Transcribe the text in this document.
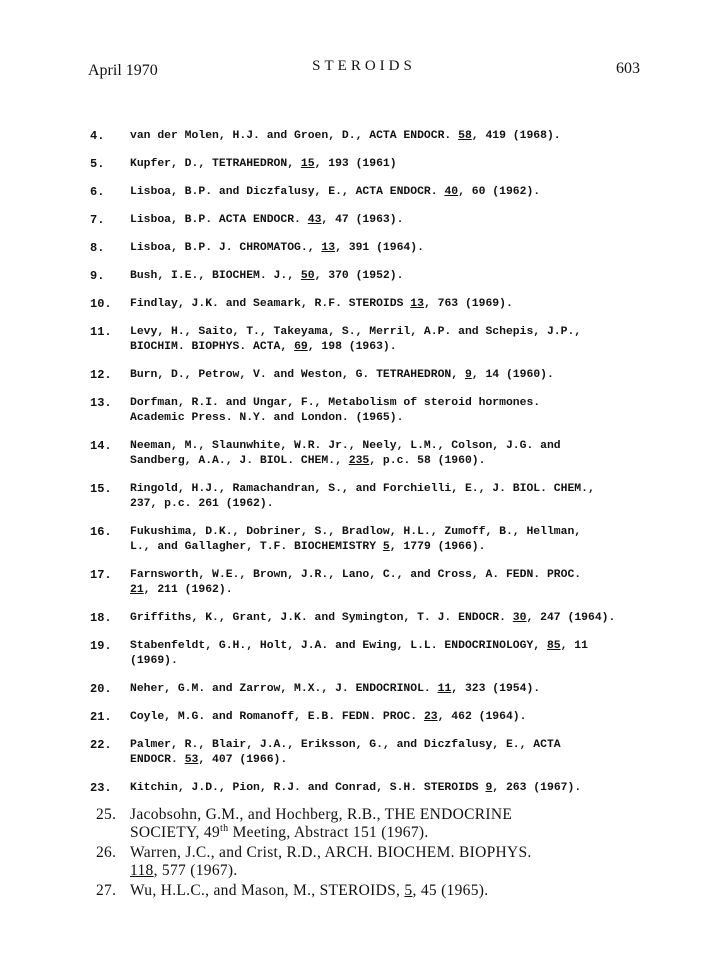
April 1970	STEROIDS	603
4. van der Molen, H.J. and Groen, D., ACTA ENDOCR. 58, 419 (1968).
5. Kupfer, D., TETRAHEDRON, 15, 193 (1961)
6. Lisboa, B.P. and Diczfalusy, E., ACTA ENDOCR. 40, 60 (1962).
7. Lisboa, B.P. ACTA ENDOCR. 43, 47 (1963).
8. Lisboa, B.P. J. CHROMATOG., 13, 391 (1964).
9. Bush, I.E., BIOCHEM. J., 50, 370 (1952).
10. Findlay, J.K. and Seamark, R.F. STEROIDS 13, 763 (1969).
11. Levy, H., Saito, T., Takeyama, S., Merril, A.P. and Schepis, J.P.,
BIOCHIM. BIOPHYS. ACTA, 69, 198 (1963).
12. Burn, D., Petrow, V. and Weston, G. TETRAHEDRON, 9, 14 (1960).
13. Dorfman, R.I. and Ungar, F., Metabolism of steroid hormones.
Academic Press. N.Y. and London. (1965).
14. Neeman, M., Slaunwhite, W.R. Jr., Neely, L.M., Colson, J.G. and
Sandberg, A.A., J. BIOL. CHEM., 235, p.c. 58 (1960).
15. Ringold, H.J., Ramachandran, S., and Forchielli, E., J. BIOL. CHEM.,
237, p.c. 261 (1962).
16. Fukushima, D.K., Dobriner, S., Bradlow, H.L., Zumoff, B., Hellman,
L., and Gallagher, T.F. BIOCHEMISTRY 5, 1779 (1966).
17. Farnsworth, W.E., Brown, J.R., Lano, C., and Cross, A. FEDN. PROC.
21, 211 (1962).
18. Griffiths, K., Grant, J.K. and Symington, T. J. ENDOCR. 30, 247 (1964).
19. Stabenfeldt, G.H., Holt, J.A. and Ewing, L.L. ENDOCRINOLOGY, 85, 11
(1969).
20. Neher, G.M. and Zarrow, M.X., J. ENDOCRINOL. 11, 323 (1954).
21. Coyle, M.G. and Romanoff, E.B. FEDN. PROC. 23, 462 (1964).
22. Palmer, R., Blair, J.A., Eriksson, G., and Diczfalusy, E., ACTA
ENDOCR. 53, 407 (1966).
23. Kitchin, J.D., Pion, R.J. and Conrad, S.H. STEROIDS 9, 263 (1967).
25. Jacobsohn, G.M., and Hochberg, R.B., THE ENDOCRINE
SOCIETY, 49th Meeting, Abstract 151 (1967).
26. Warren, J.C., and Crist, R.D., ARCH. BIOCHEM. BIOPHYS.
118, 577 (1967).
27. Wu, H.L.C., and Mason, M., STEROIDS, 5, 45 (1965).
